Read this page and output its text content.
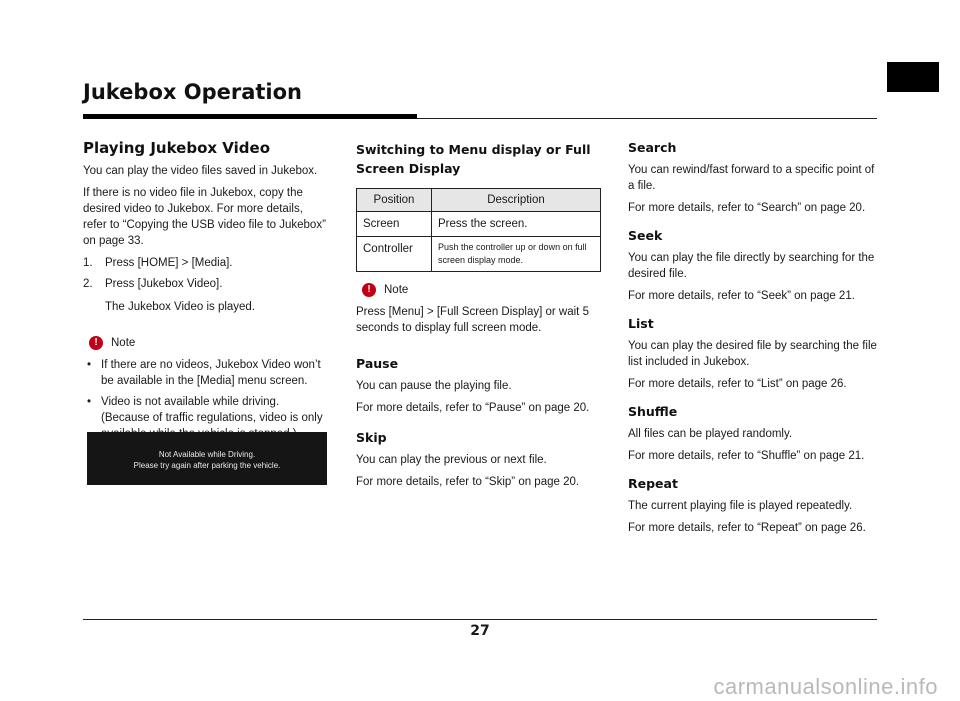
Jukebox Operation
Playing Jukebox Video

You can play the video files saved in Jukebox.

If there is no video file in Jukebox, copy the desired video to Jukebox. For more details, refer to “Copying the USB video file to Jukebox” on page 33.

1.	Press [HOME] > [Media].
2.	Press [Jukebox Video].

The Jukebox Video is played.

!	Note
• If there are no videos, Jukebox Video won’t be available in the [Media] menu screen.
• Video is not available while driving. (Because of traffic regulations, video is only
Not Available while Driving.
Please try again after parking the vehicle.
Switching to Menu display or Full Screen Display
Position	Description
Screen	Press the screen.
Controller	Push the controller up or down on full screen display mode.
!	Note

Press [Menu] > [Full Screen Display] or wait 5 seconds to display full screen mode.

Pause

You can pause the playing file.

For more details, refer to “Pause” on page 20.

Skip

You can play the previous or next file.

For more details, refer to “Skip” on page 20.

Search

You can rewind/fast forward to a specific point of a file.

For more details, refer to “Search” on page 20.

Seek

You can play the file directly by searching for the desired file.

For more details, refer to “Seek” on page 21.

List

You can play the desired file by searching the file list included in Jukebox.

For more details, refer to “List” on page 26.

Shuffle

All files can be played randomly.

For more details, refer to “Shuffle” on page 21.

Repeat

The current playing file is played repeatedly.

For more details, refer to “Repeat” on page 26.

27
carmanualsonline.info
